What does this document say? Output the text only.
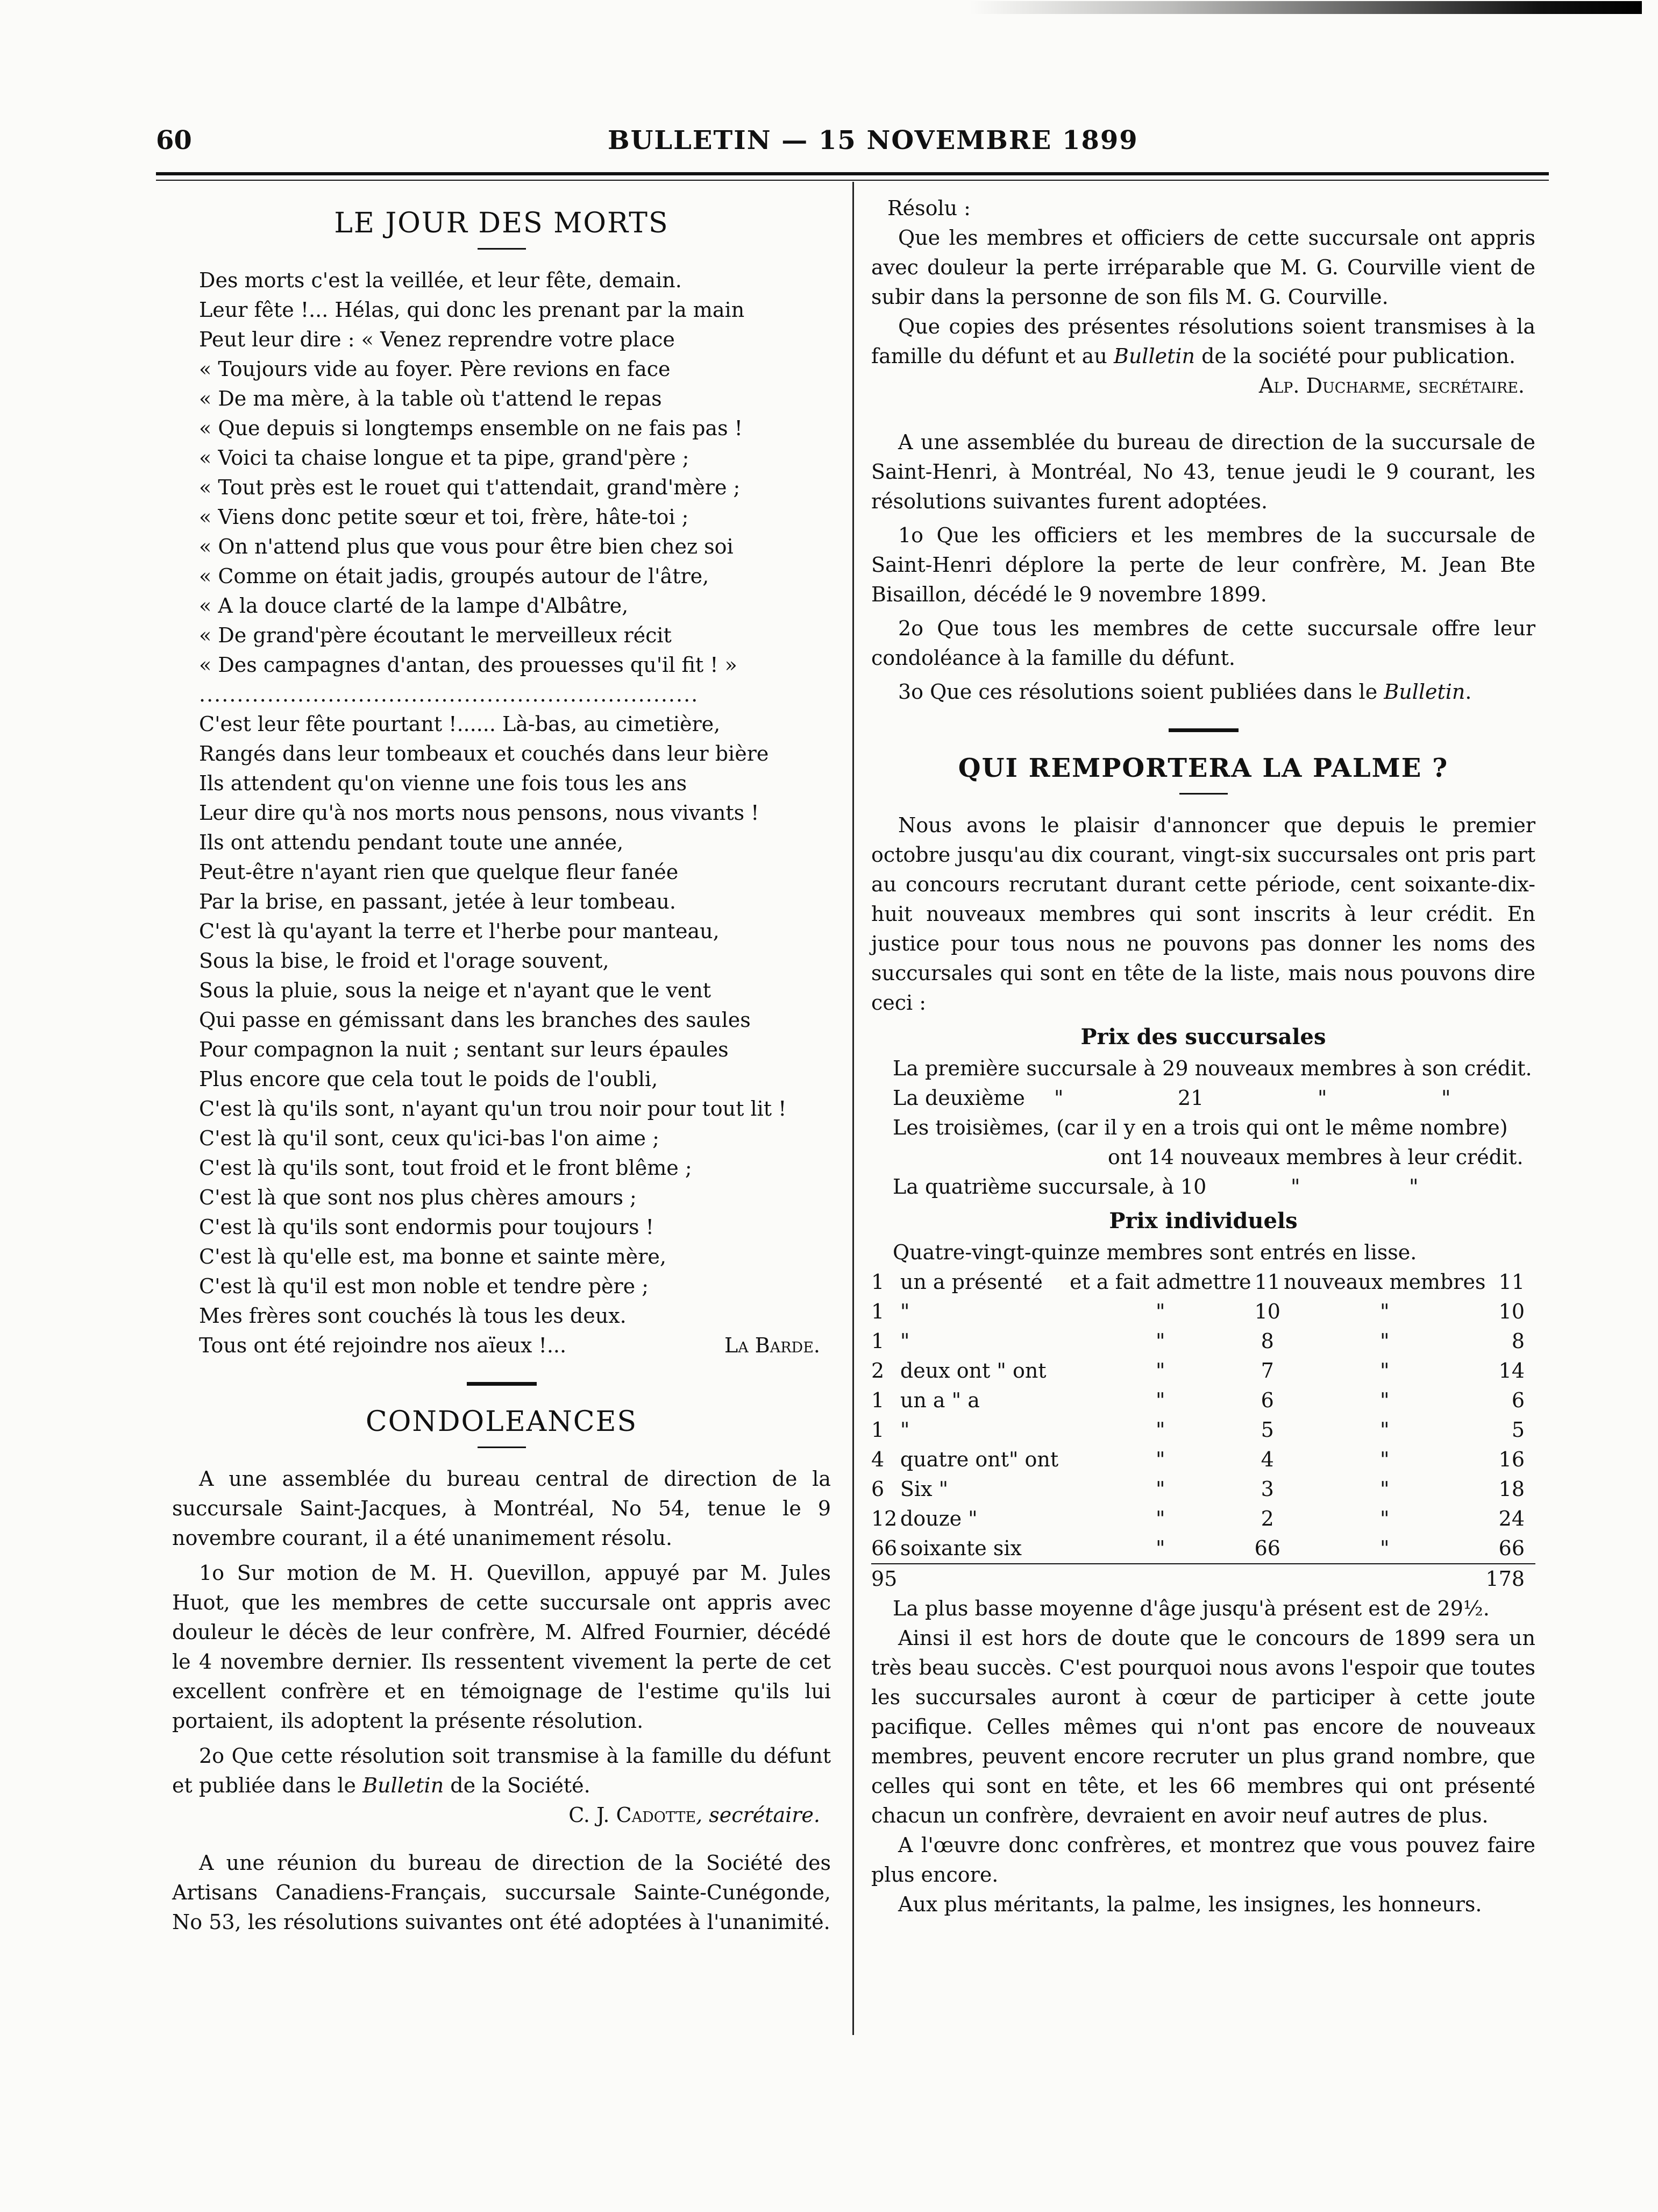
60	BULLETIN — 15 NOVEMBRE 1899
LE JOUR DES MORTS
Des morts c'est la veillée, et leur fête, demain.
Leur fête !... Hélas, qui donc les prenant par la main
Peut leur dire : « Venez reprendre votre place
« Toujours vide au foyer. Père revions en face
« De ma mère, à la table où t'attend le repas
« Que depuis si longtemps ensemble on ne fais pas !
« Voici ta chaise longue et ta pipe, grand'père ;
« Tout près est le rouet qui t'attendait, grand'mère ;
« Viens donc petite sœur et toi, frère, hâte-toi ;
« On n'attend plus que vous pour être bien chez soi
« Comme on était jadis, groupés autour de l'âtre,
« A la douce clarté de la lampe d'Albâtre,
« De grand'père écoutant le merveilleux récit
« Des campagnes d'antan, des prouesses qu'il fit ! »
..................................................................
C'est leur fête pourtant !...... Là-bas, au cimetière,
Rangés dans leur tombeaux et couchés dans leur bière
Ils attendent qu'on vienne une fois tous les ans
Leur dire qu'à nos morts nous pensons, nous vivants !
Ils ont attendu pendant toute une année,
Peut-être n'ayant rien que quelque fleur fanée
Par la brise, en passant, jetée à leur tombeau.
C'est là qu'ayant la terre et l'herbe pour manteau,
Sous la bise, le froid et l'orage souvent,
Sous la pluie, sous la neige et n'ayant que le vent
Qui passe en gémissant dans les branches des saules
Pour compagnon la nuit ; sentant sur leurs épaules
Plus encore que cela tout le poids de l'oubli,
C'est là qu'ils sont, n'ayant qu'un trou noir pour tout lit !
C'est là qu'il sont, ceux qu'ici-bas l'on aime ;
C'est là qu'ils sont, tout froid et le front blême ;
C'est là que sont nos plus chères amours ;
C'est là qu'ils sont endormis pour toujours !
C'est là qu'elle est, ma bonne et sainte mère,
C'est là qu'il est mon noble et tendre père ;
Mes frères sont couchés là tous les deux.
Tous ont été rejoindre nos aïeux !...	La Barde.
CONDOLEANCES

A une assemblée du bureau central de direction de la succursale Saint-Jacques, à Montréal, No 54, tenue le 9 novembre courant, il a été unanimement résolu.

1o Sur motion de M. H. Quevillon, appuyé par M. Jules Huot, que les membres de cette succursale ont appris avec douleur le décès de leur confrère, M. Alfred Fournier, décédé le 4 novembre dernier. Ils ressentent vivement la perte de cet excellent confrère et en témoignage de l'estime qu'ils lui portaient, ils adoptent la présente résolution.

2o Que cette résolution soit transmise à la famille du défunt et publiée dans le Bulletin de la Société.

C. J. Cadotte, secrétaire.

A une réunion du bureau de direction de la Société des Artisans Canadiens-Français, succursale Sainte-Cunégonde, No 53, les résolutions suivantes ont été adoptées à l'unanimité.

Résolu :

Que les membres et officiers de cette succursale ont appris avec douleur la perte irréparable que M. G. Courville vient de subir dans la personne de son fils M. G. Courville.

Que copies des présentes résolutions soient transmises à la famille du défunt et au Bulletin de la société pour publication.

Alp. Ducharme, secrétaire.

A une assemblée du bureau de direction de la succursale de Saint-Henri, à Montréal, No 43, tenue jeudi le 9 courant, les résolutions suivantes furent adoptées.

1o Que les officiers et les membres de la succursale de Saint-Henri déplore la perte de leur confrère, M. Jean Bte Bisaillon, décédé le 9 novembre 1899.

2o Que tous les membres de cette succursale offre leur condoléance à la famille du défunt.

3o Que ces résolutions soient publiées dans le Bulletin.

QUI REMPORTERA LA PALME ?

Nous avons le plaisir d'annoncer que depuis le premier octobre jusqu'au dix courant, vingt-six succursales ont pris part au concours recrutant durant cette période, cent soixante-dix-huit nouveaux membres qui sont inscrits à leur crédit. En justice pour tous nous ne pouvons pas donner les noms des succursales qui sont en tête de la liste, mais nous pouvons dire ceci :

Prix des succursales

La première succursale à 29 nouveaux membres à son crédit.

La deuxième	"	21	"	"

Les troisièmes, (car il y en a trois qui ont le même nombre)

ont 14 nouveaux membres à leur crédit.

La quatrième succursale, à 10	"	"

Prix individuels

Quatre-vingt-quinze membres sont entrés en lisse.

1	un a présenté	et a fait admettre	11	nouveaux membres	11
1	"	"	10	"	10
1	"	"	8	"	8
2	deux ont " ont	"	7	"	14
1	un a " a	"	6	"	6
1	"	"	5	"	5
4	quatre ont" ont	"	4	"	16
6	Six "	"	3	"	18
12	douze "	"	2	"	24
66	soixante six	"	66	"	66
95					178

La plus basse moyenne d'âge jusqu'à présent est de 29½.

Ainsi il est hors de doute que le concours de 1899 sera un très beau succès. C'est pourquoi nous avons l'espoir que toutes les succursales auront à cœur de participer à cette joute pacifique. Celles mêmes qui n'ont pas encore de nouveaux membres, peuvent encore recruter un plus grand nombre, que celles qui sont en tête, et les 66 membres qui ont présenté chacun un confrère, devraient en avoir neuf autres de plus.

A l'œuvre donc confrères, et montrez que vous pouvez faire plus encore.

Aux plus méritants, la palme, les insignes, les honneurs.
